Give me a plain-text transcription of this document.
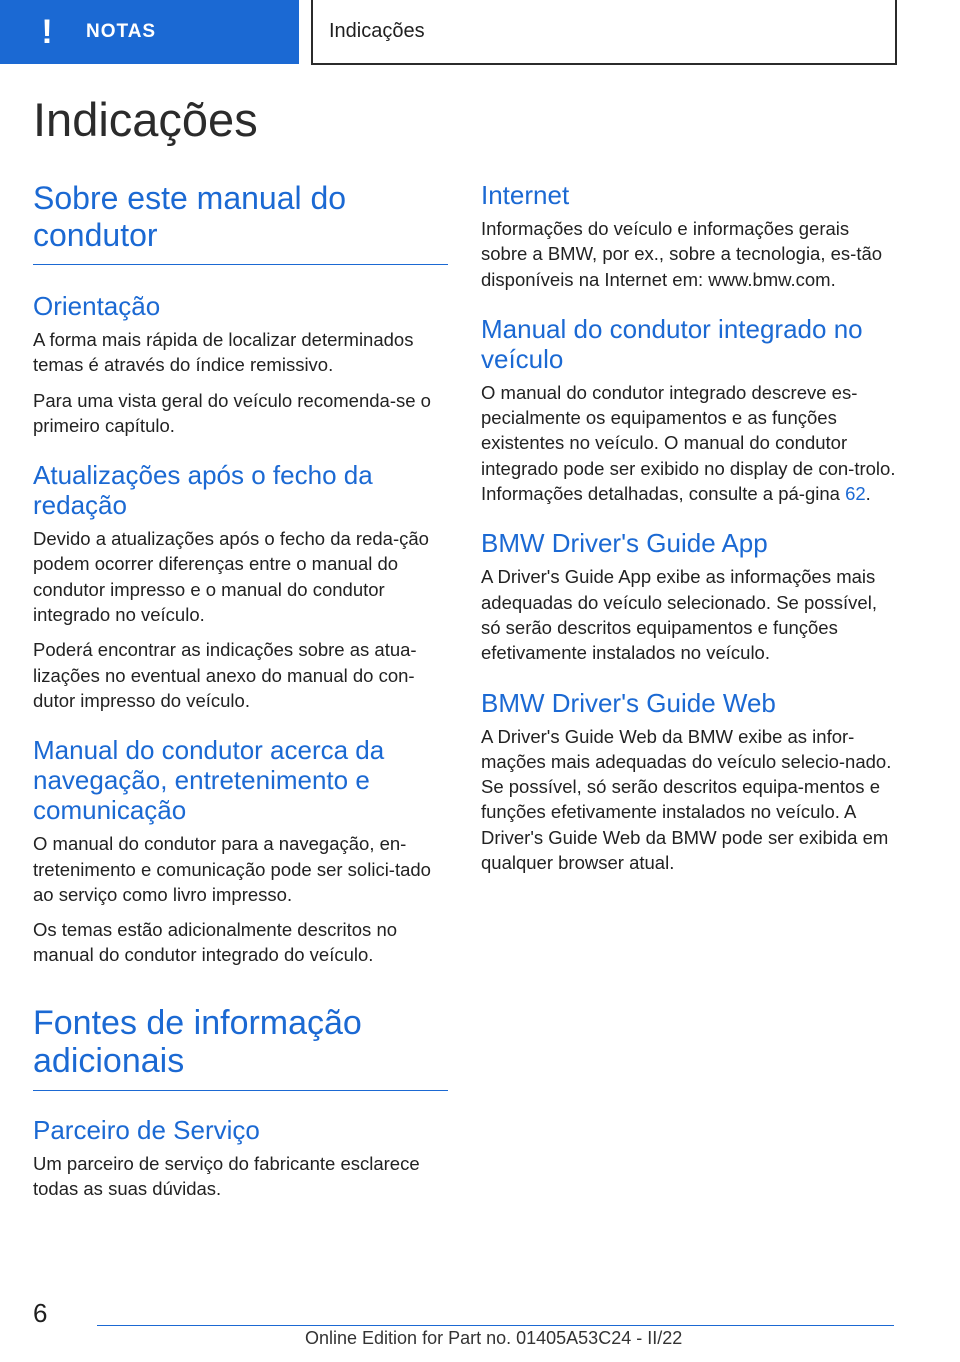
! NOTAS	Indicações
Indicações
Sobre este manual do condutor
Orientação

A forma mais rápida de localizar determinados temas é através do índice remissivo.

Para uma vista geral do veículo recomenda-se o primeiro capítulo.

Atualizações após o fecho da redação

Devido a atualizações após o fecho da reda-ção podem ocorrer diferenças entre o manual do condutor impresso e o manual do condutor integrado no veículo.

Poderá encontrar as indicações sobre as atua-lizações no eventual anexo do manual do con-dutor impresso do veículo.

Manual do condutor acerca da navegação, entretenimento e comunicação

O manual do condutor para a navegação, en-tretenimento e comunicação pode ser solici-tado ao serviço como livro impresso.

Os temas estão adicionalmente descritos no manual do condutor integrado do veículo.

Fontes de informação adicionais
Parceiro de Serviço

Um parceiro de serviço do fabricante esclarece todas as suas dúvidas.

Internet

Informações do veículo e informações gerais sobre a BMW, por ex., sobre a tecnologia, es-tão disponíveis na Internet em: www.bmw.com.

Manual do condutor integrado no veículo

O manual do condutor integrado descreve es-pecialmente os equipamentos e as funções existentes no veículo. O manual do condutor integrado pode ser exibido no display de con-trolo. Informações detalhadas, consulte a pá-gina 62.

BMW Driver's Guide App

A Driver's Guide App exibe as informações mais adequadas do veículo selecionado. Se possível, só serão descritos equipamentos e funções efetivamente instalados no veículo.

BMW Driver's Guide Web

A Driver's Guide Web da BMW exibe as infor-mações mais adequadas do veículo selecio-nado. Se possível, só serão descritos equipa-mentos e funções efetivamente instalados no veículo. A Driver's Guide Web da BMW pode ser exibida em qualquer browser atual.

6
Online Edition for Part no. 01405A53C24 - II/22
